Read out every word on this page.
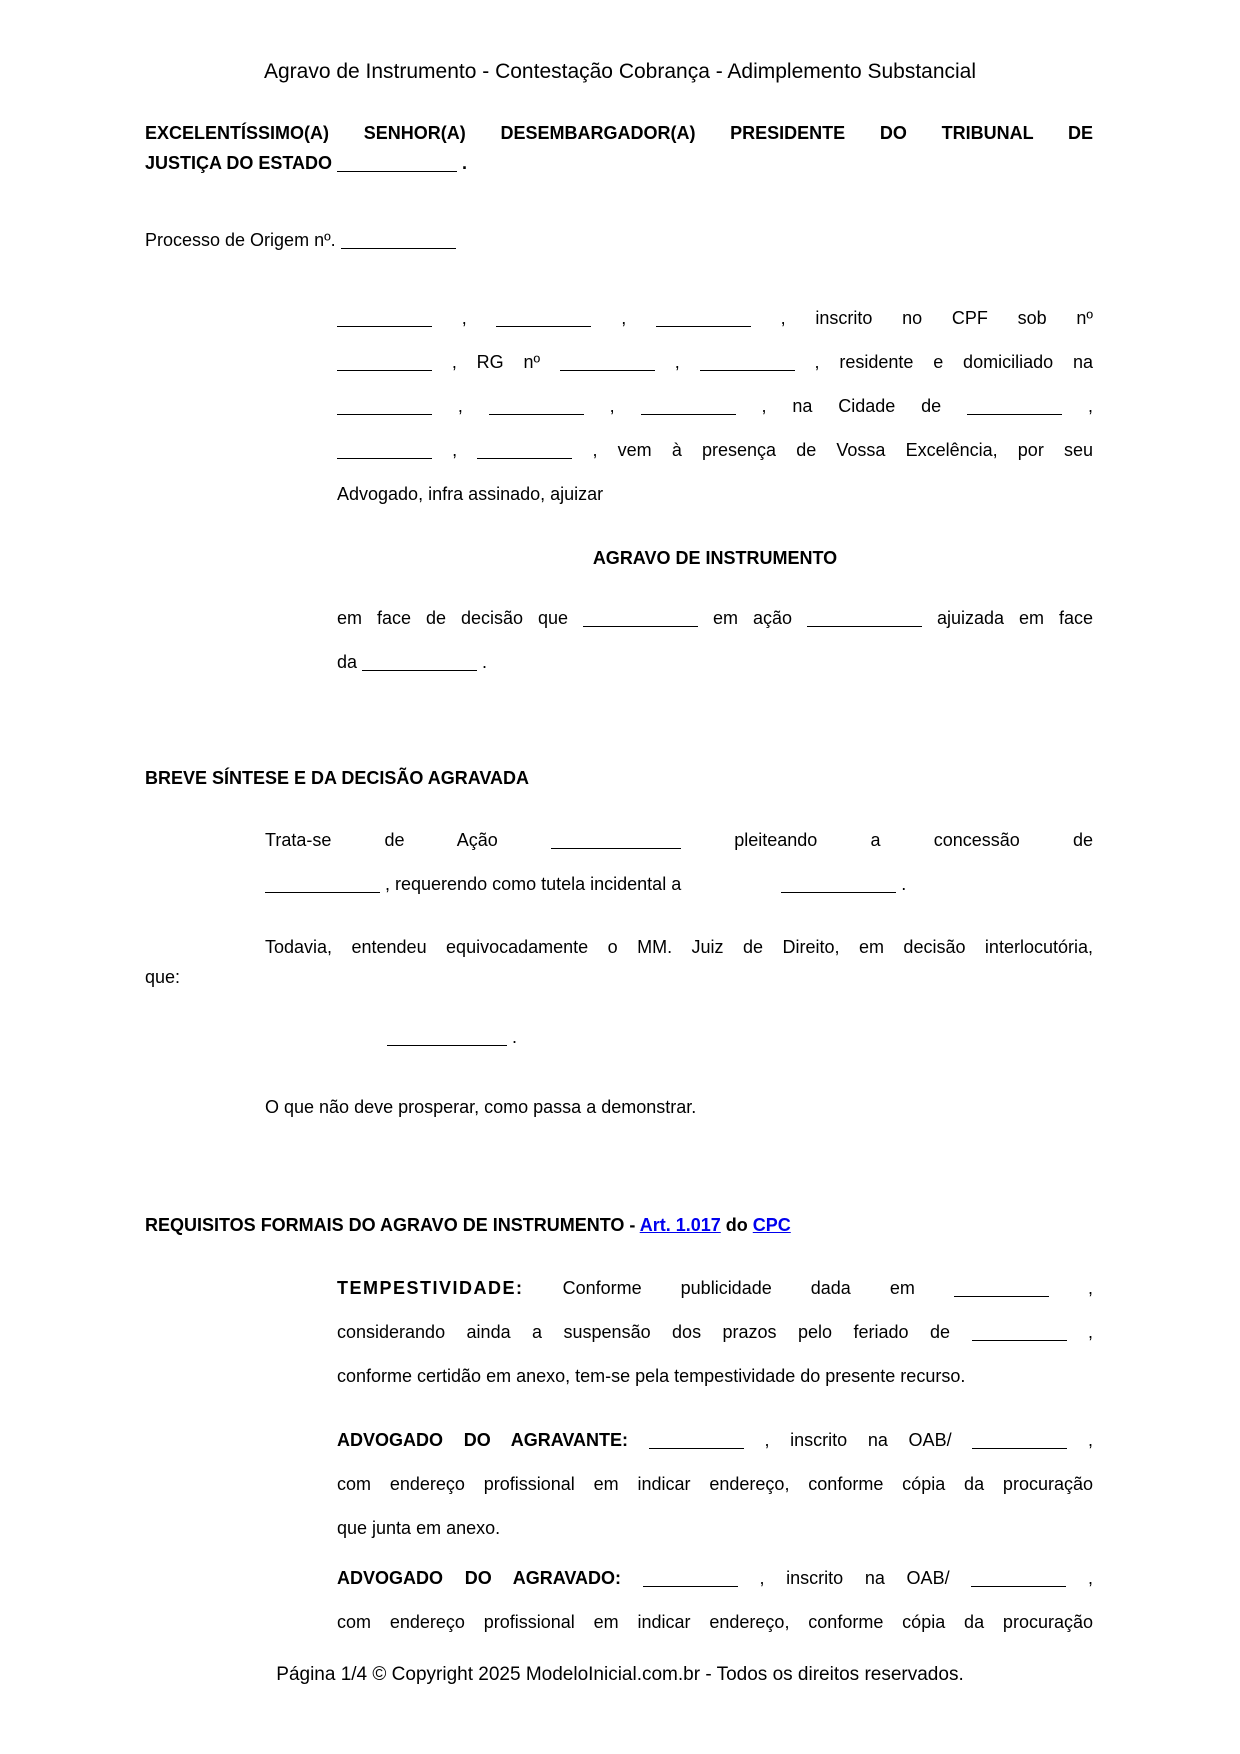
Agravo de Instrumento - Contestação Cobrança - Adimplemento Substancial
EXCELENTÍSSIMO(A) SENHOR(A) DESEMBARGADOR(A) PRESIDENTE DO TRIBUNAL DE
JUSTIÇA DO ESTADO	.
Processo de Origem nº.
,	,	, inscrito no CPF sob nº
, RG nº	,	, residente e domiciliado na
,	,	, na Cidade de	,
,	, vem à presença de Vossa Excelência, por seu
Advogado, infra assinado, ajuizar
AGRAVO DE INSTRUMENTO
em face de decisão que	em ação	ajuizada em face
da	.
BREVE SÍNTESE E DA DECISÃO AGRAVADA
Trata-se de Ação	pleiteando a concessão de
, requerendo como tutela incidental a	.
Todavia, entendeu equivocadamente o MM. Juiz de Direito, em decisão interlocutória,
que:
.
O que não deve prosperar, como passa a demonstrar.
REQUISITOS FORMAIS DO AGRAVO DE INSTRUMENTO - Art. 1.017 do CPC
TEMPESTIVIDADE: Conforme publicidade dada em	,
considerando ainda a suspensão dos prazos pelo feriado de	,
conforme certidão em anexo, tem-se pela tempestividade do presente recurso.
ADVOGADO DO AGRAVANTE:	, inscrito na OAB/	,
com endereço profissional em indicar endereço, conforme cópia da procuração
que junta em anexo.
ADVOGADO DO AGRAVADO:	, inscrito na OAB/	,
com endereço profissional em indicar endereço, conforme cópia da procuração
Página 1/4 © Copyright 2025 ModeloInicial.com.br - Todos os direitos reservados.
